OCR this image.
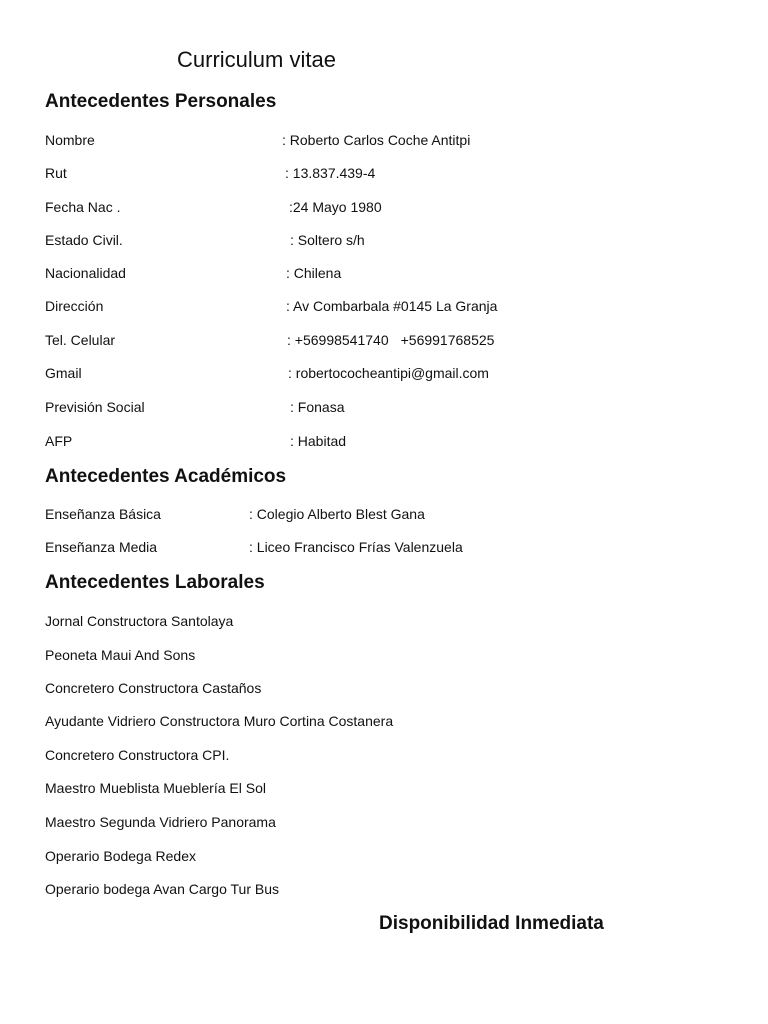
Curriculum vitae
Antecedentes Personales
Nombre	: Roberto Carlos Coche Antitpi
Rut	: 13.837.439-4
Fecha Nac .	:24 Mayo 1980
Estado Civil.	: Soltero s/h
Nacionalidad	: Chilena
Dirección	: Av Combarbala #0145 La Granja
Tel. Celular	: +56998541740 +56991768525
Gmail	: robertococheantipi@gmail.com
Previsión Social	: Fonasa
AFP	: Habitad
Antecedentes Académicos
Enseñanza Básica	: Colegio Alberto Blest Gana
Enseñanza Media	: Liceo Francisco Frías Valenzuela
Antecedentes Laborales
Jornal Constructora Santolaya
Peoneta Maui And Sons
Concretero Constructora Castaños
Ayudante Vidriero Constructora Muro Cortina Costanera
Concretero Constructora CPI.
Maestro Mueblista Mueblería El Sol
Maestro Segunda Vidriero Panorama
Operario Bodega Redex
Operario bodega Avan Cargo Tur Bus
Disponibilidad Inmediata
